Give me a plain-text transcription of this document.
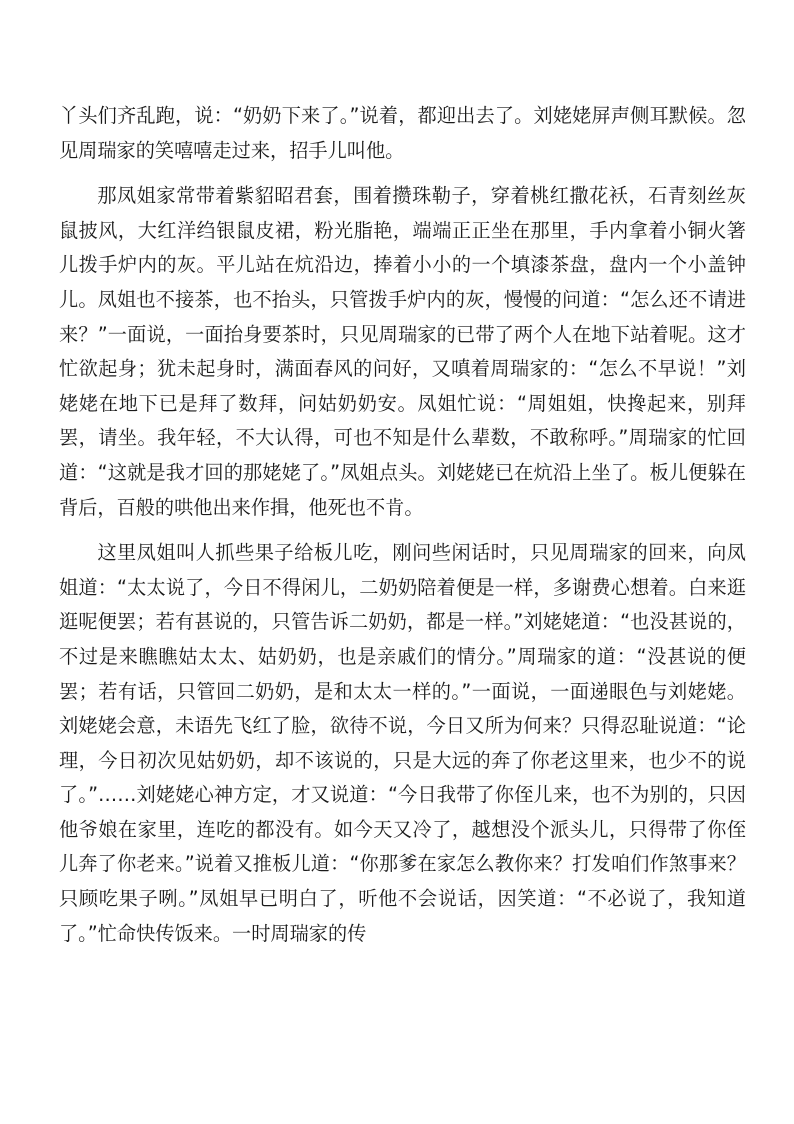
丫头们齐乱跑，说：“奶奶下来了。”说着，都迎出去了。刘姥姥屏声侧耳默候。忽见周瑞家的笑嘻嘻走过来，招手儿叫他。

那凤姐家常带着紫貂昭君套，围着攒珠勒子，穿着桃红撒花袄，石青刻丝灰鼠披风，大红洋绉银鼠皮裙，粉光脂艳，端端正正坐在那里，手内拿着小铜火箸儿拨手炉内的灰。平儿站在炕沿边，捧着小小的一个填漆茶盘，盘内一个小盖钟儿。凤姐也不接茶，也不抬头，只管拨手炉内的灰，慢慢的问道：“怎么还不请进来？”一面说，一面抬身要茶时，只见周瑞家的已带了两个人在地下站着呢。这才忙欲起身；犹未起身时，满面春风的问好，又嗔着周瑞家的：“怎么不早说！”刘姥姥在地下已是拜了数拜，问姑奶奶安。凤姐忙说：“周姐姐，快搀起来，别拜罢，请坐。我年轻，不大认得，可也不知是什么辈数，不敢称呼。”周瑞家的忙回道：“这就是我才回的那姥姥了。”凤姐点头。刘姥姥已在炕沿上坐了。板儿便躲在背后，百般的哄他出来作揖，他死也不肯。

这里凤姐叫人抓些果子给板儿吃，刚问些闲话时，只见周瑞家的回来，向凤姐道：“太太说了，今日不得闲儿，二奶奶陪着便是一样，多谢费心想着。白来逛逛呢便罢；若有甚说的，只管告诉二奶奶，都是一样。”刘姥姥道：“也没甚说的，不过是来瞧瞧姑太太、姑奶奶，也是亲戚们的情分。”周瑞家的道：“没甚说的便罢；若有话，只管回二奶奶，是和太太一样的。”一面说，一面递眼色与刘姥姥。刘姥姥会意，未语先飞红了脸，欲待不说，今日又所为何来？只得忍耻说道：“论理，今日初次见姑奶奶，却不该说的，只是大远的奔了你老这里来，也少不的说了。”……刘姥姥心神方定，才又说道：“今日我带了你侄儿来，也不为别的，只因他爷娘在家里，连吃的都没有。如今天又冷了，越想没个派头儿，只得带了你侄儿奔了你老来。”说着又推板儿道：“你那爹在家怎么教你来？打发咱们作煞事来？只顾吃果子咧。”凤姐早已明白了，听他不会说话，因笑道：“不必说了，我知道了。”忙命快传饭来。一时周瑞家的传
